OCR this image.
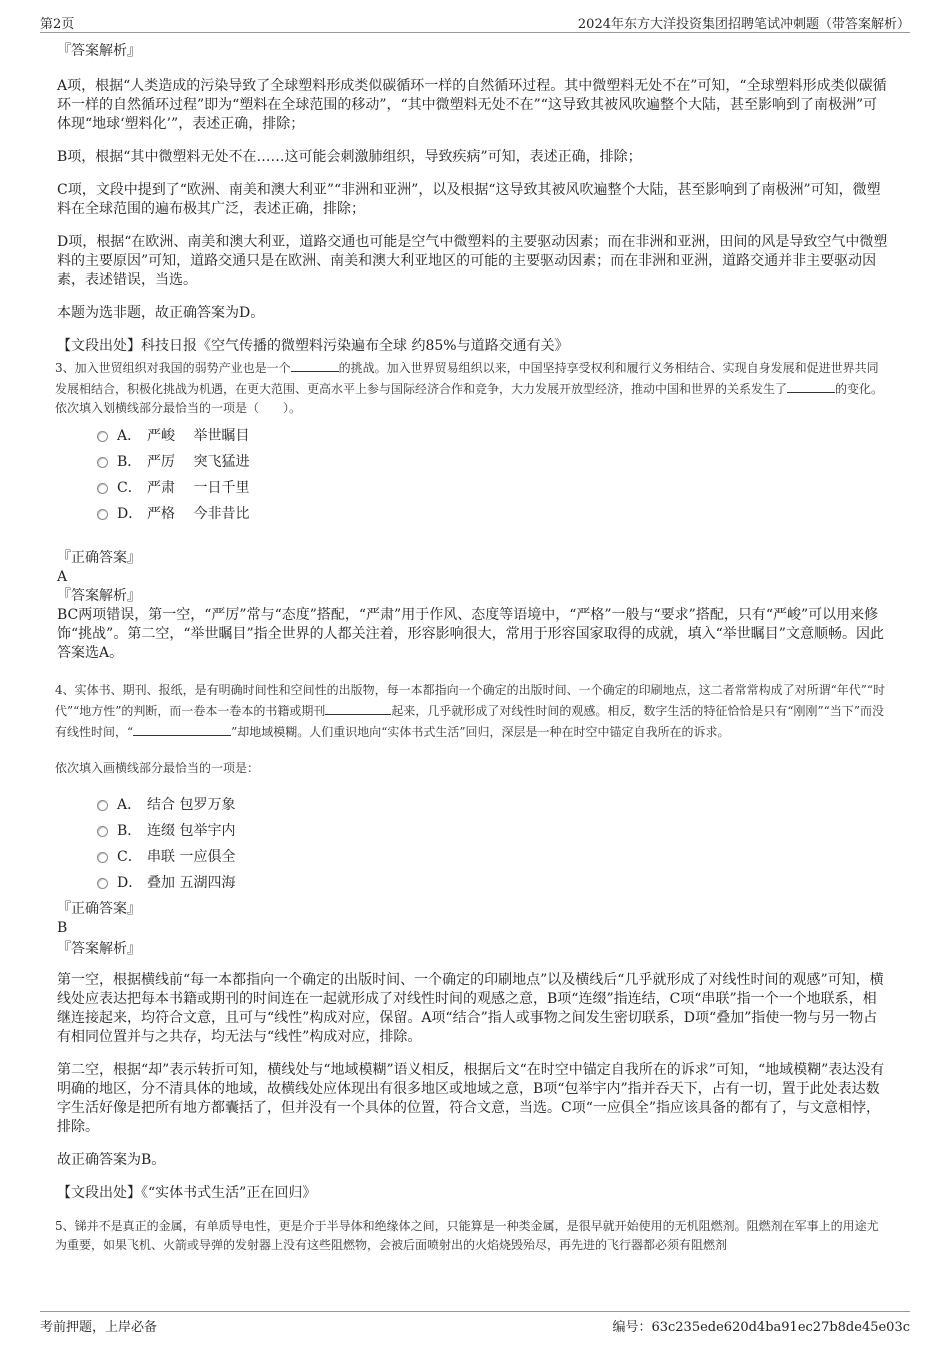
第2页	2024年东方大洋投资集团招聘笔试冲刺题（带答案解析）

『答案解析』

A项，根据“人类造成的污染导致了全球塑料形成类似碳循环一样的自然循环过程。其中微塑料无处不在”可知，“全球塑料形成类似碳循环一样的自然循环过程”即为“塑料在全球范围的移动”，“其中微塑料无处不在”“这导致其被风吹遍整个大陆，甚至影响到了南极洲”可体现“地球‘塑料化’”，表述正确，排除；

B项，根据“其中微塑料无处不在……这可能会刺激肺组织，导致疾病”可知，表述正确，排除；

C项，文段中提到了“欧洲、南美和澳大利亚”“非洲和亚洲”，以及根据“这导致其被风吹遍整个大陆，甚至影响到了南极洲”可知，微塑料在全球范围的遍布极其广泛，表述正确，排除；

D项，根据“在欧洲、南美和澳大利亚，道路交通也可能是空气中微塑料的主要驱动因素；而在非洲和亚洲，田间的风是导致空气中微塑料的主要原因”可知，道路交通只是在欧洲、南美和澳大利亚地区的可能的主要驱动因素；而在非洲和亚洲，道路交通并非主要驱动因素，表述错误，当选。

本题为选非题，故正确答案为D。

【文段出处】科技日报《空气传播的微塑料污染遍布全球 约85%与道路交通有关》

3、加入世贸组织对我国的弱势产业也是一个	的挑战。加入世界贸易组织以来，中国坚持享受权利和履行义务相结合、实现自身发展和促进世界共同发展相结合，积极化挑战为机遇，在更大范围、更高水平上参与国际经济合作和竞争，大力发展开放型经济，推动中国和世界的关系发生了	的变化。

依次填入划横线部分最恰当的一项是（　　）。

A． 严峻　 举世瞩目
B． 严厉　 突飞猛进
C． 严肃　 一日千里
D． 严格　 今非昔比

『正确答案』

A

『答案解析』

BC两项错误，第一空，“严厉”常与“态度”搭配，“严肃”用于作风、态度等语境中，“严格”一般与“要求”搭配，只有“严峻”可以用来修饰“挑战”。第二空，“举世瞩目”指全世界的人都关注着，形容影响很大，常用于形容国家取得的成就，填入“举世瞩目”文意顺畅。因此答案选A。

4、实体书、期刊、报纸，是有明确时间性和空间性的出版物，每一本都指向一个确定的出版时间、一个确定的印刷地点，这二者常常构成了对所谓“年代”“时代”“地方性”的判断，而一卷本一卷本的书籍或期刊	起来，几乎就形成了对线性时间的观感。相反，数字生活的特征恰恰是只有“刚刚”“当下”而没有线性时间，“	”却地域模糊。人们重识地向“实体书式生活”回归，深层是一种在时空中锚定自我所在的诉求。

依次填入画横线部分最恰当的一项是：

A． 结合 包罗万象
B． 连缀 包举宇内
C． 串联 一应俱全
D． 叠加 五湖四海

『正确答案』

B

『答案解析』

第一空，根据横线前“每一本都指向一个确定的出版时间、一个确定的印刷地点”以及横线后“几乎就形成了对线性时间的观感”可知，横线处应表达把每本书籍或期刊的时间连在一起就形成了对线性时间的观感之意，B项“连缀”指连结，C项“串联”指一个一个地联系，相继连接起来，均符合文意，且可与“线性”构成对应，保留。A项“结合”指人或事物之间发生密切联系，D项“叠加”指使一物与另一物占有相同位置并与之共存，均无法与“线性”构成对应，排除。

第二空，根据“却”表示转折可知，横线处与“地域模糊”语义相反，根据后文“在时空中锚定自我所在的诉求”可知，“地域模糊”表达没有明确的地区，分不清具体的地域，故横线处应体现出有很多地区或地域之意，B项“包举宇内”指并吞天下，占有一切，置于此处表达数字生活好像是把所有地方都囊括了，但并没有一个具体的位置，符合文意，当选。C项“一应俱全”指应该具备的都有了，与文意相悖，排除。

故正确答案为B。

【文段出处】《“实体书式生活”正在回归》

5、锑并不是真正的金属，有单质导电性，更是介于半导体和绝缘体之间，只能算是一种类金属，是很早就开始使用的无机阻燃剂。阻燃剂在军事上的用途尤为重要，如果飞机、火箭或导弹的发射器上没有这些阻燃物，会被后面喷射出的火焰烧毁殆尽，再先进的飞行器都必须有阻燃剂

考前押题，上岸必备	编号：63c235ede620d4ba91ec27b8de45e03c
